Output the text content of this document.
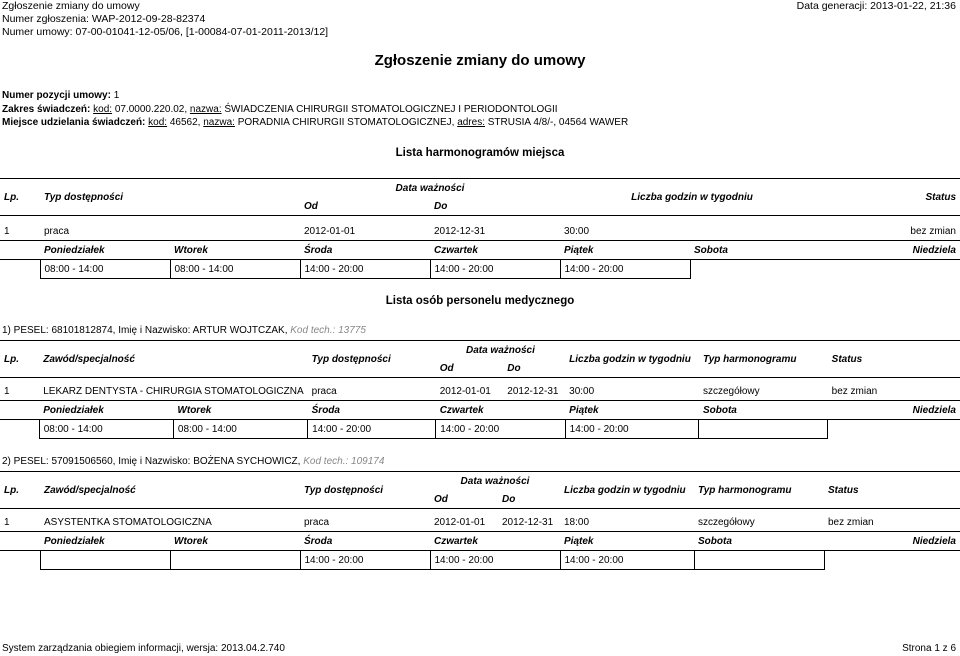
Zgłoszenie zmiany do umowy
Numer zgłoszenia: WAP-2012-09-28-82374
Numer umowy: 07-00-01041-12-05/06, [1-00084-07-01-2011-2013/12]
Data generacji: 2013-01-22, 21:36
Zgłoszenie zmiany do umowy
Numer pozycji umowy: 1
Zakres świadczeń: kod: 07.0000.220.02, nazwa: ŚWIADCZENIA CHIRURGII STOMATOLOGICZNEJ I PERIODONTOLOGII
Miejsce udzielania świadczeń: kod: 46562, nazwa: PORADNIA CHIRURGII STOMATOLOGICZNEJ, adres: STRUSIA 4/8/-, 04564 WAWER
Lista harmonogramów miejsca
Lp.	Typ dostępności		Data ważności		Liczba godzin w tygodniu		Status
			Od	Do			

1	praca		2012-01-01	2012-12-31	30:00		bez zmian
	Poniedziałek	Wtorek	Środa	Czwartek	Piątek	Sobota	Niedziela
	08:00 - 14:00	08:00 - 14:00	14:00 - 20:00	14:00 - 20:00	14:00 - 20:00		
Lista osób personelu medycznego
1) PESEL: 68101812874, Imię i Nazwisko: ARTUR WOJTCZAK, Kod tech.: 13775
Lp.	Zawód/specjalność		Typ dostępności	Data ważności		Liczba godzin w tygodniu	Typ harmonogramu	Status
				Od	Do			

1	LEKARZ DENTYSTA - CHIRURGIA STOMATOLOGICZNA		praca	2012-01-01	2012-12-31	30:00	szczegółowy	bez zmian
	Poniedziałek	Wtorek	Środa	Czwartek		Piątek	Sobota	Niedziela
	08:00 - 14:00	08:00 - 14:00	14:00 - 20:00	14:00 - 20:00		14:00 - 20:00		
2) PESEL: 57091506560, Imię i Nazwisko: BOŻENA SYCHOWICZ, Kod tech.: 109174
Lp.	Zawód/specjalność		Typ dostępności	Data ważności		Liczba godzin w tygodniu	Typ harmonogramu	Status
				Od	Do			

1	ASYSTENTKA STOMATOLOGICZNA		praca	2012-01-01	2012-12-31	18:00	szczegółowy	bez zmian
	Poniedziałek	Wtorek	Środa	Czwartek		Piątek	Sobota	Niedziela
			14:00 - 20:00	14:00 - 20:00		14:00 - 20:00		
System zarządzania obiegiem informacji, wersja: 2013.04.2.740	Strona 1 z 6
